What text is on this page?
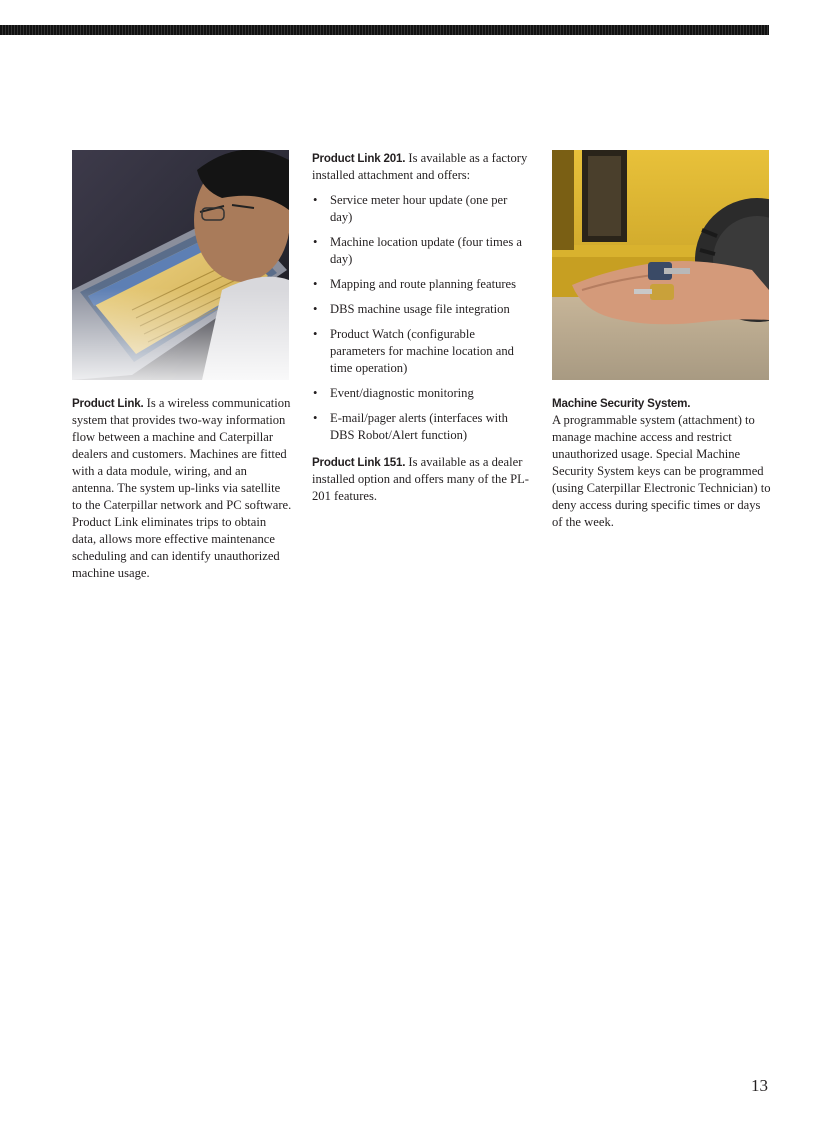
Product Link. Is a wireless communication system that provides two-way information flow between a machine and Caterpillar dealers and customers. Machines are fitted with a data module, wiring, and an antenna. The system up-links via satellite to the Caterpillar network and PC software. Product Link eliminates trips to obtain data, allows more effective maintenance scheduling and can identify unauthorized machine usage.

Product Link 201. Is available as a factory installed attachment and offers:

• Service meter hour update (one per day)
• Machine location update (four times a day)
• Mapping and route planning features
• DBS machine usage file integration
• Product Watch (configurable parameters for machine location and time operation)
• Event/diagnostic monitoring
• E-mail/pager alerts (interfaces with DBS Robot/Alert function)

Product Link 151. Is available as a dealer installed option and offers many of the PL-201 features.

Machine Security System.
A programmable system (attachment) to manage machine access and restrict unauthorized usage. Special Machine Security System keys can be programmed (using Caterpillar Electronic Technician) to deny access during specific times or days of the week.

13
